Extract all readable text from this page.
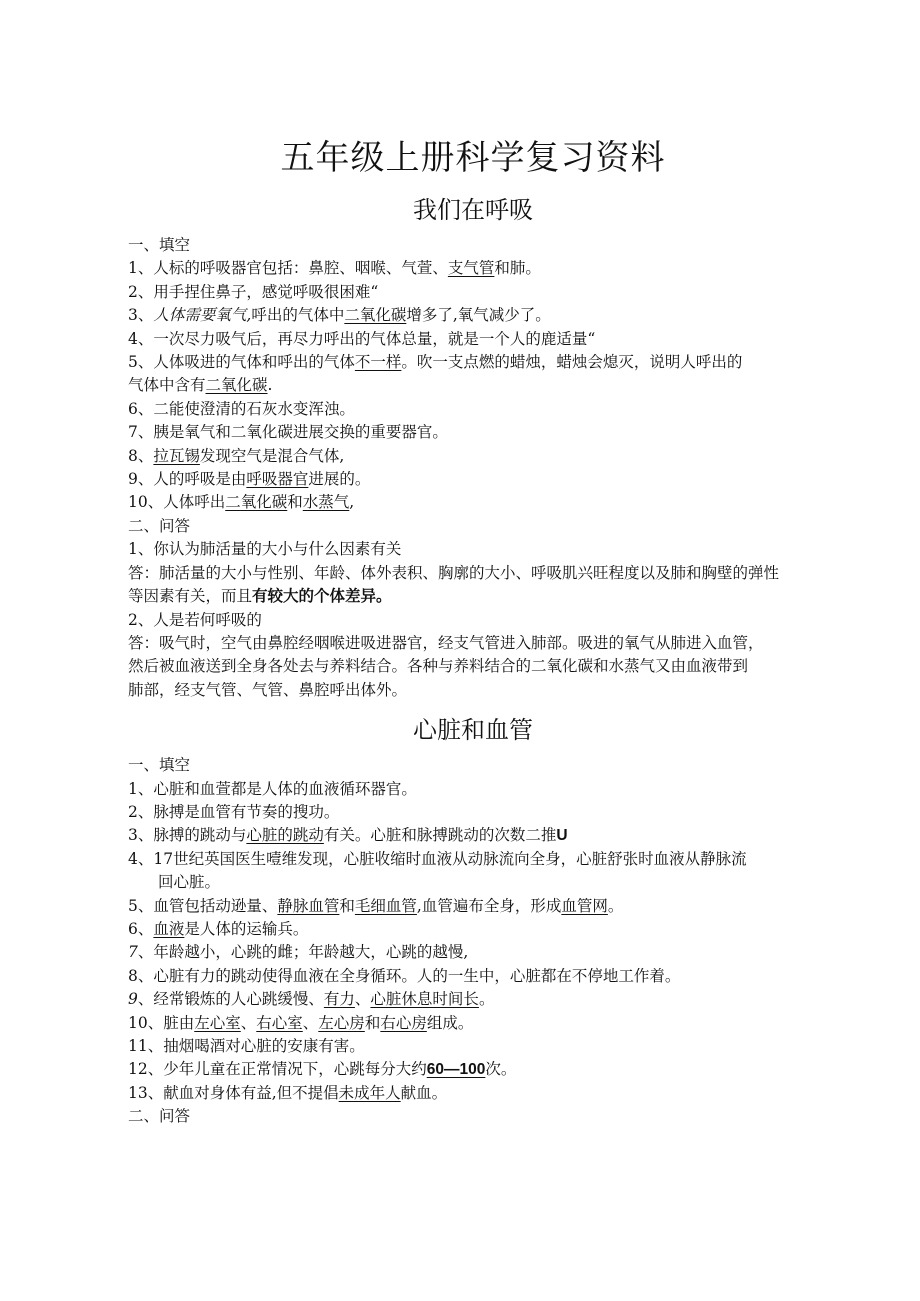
五年级上册科学复习资料
我们在呼吸
一、填空
1、人标的呼吸器官包括：鼻腔、咽喉、气萱、支气管和肺。
2、用手捏住鼻子，感觉呼吸很困难“
3、人体需要氧气,呼出的气体中二氧化碳增多了,氧气减少了。
4、一次尽力吸气后，再尽力呼出的气体总量，就是一个人的鹿适量“
5、人体吸进的气体和呼出的气体不一样。吹一支点燃的蜡烛，蜡烛会熄灭，说明人呼出的
气体中含有二氧化碳.
6、二能使澄清的石灰水变浑浊。
7、胰是氧气和二氧化碳进展交换的重要器官。
8、拉瓦锡发现空气是混合气体,
9、人的呼吸是由呼吸器官进展的。
10、人体呼出二氧化碳和水蒸气,
二、问答
1、你认为肺活量的大小与什么因素有关
答：肺活量的大小与性别、年龄、体外表积、胸廓的大小、呼吸肌兴旺程度以及肺和胸壁的弹性
等因素有关，而且有较大的个体差异。
2、人是若何呼吸的
答：吸气时，空气由鼻腔经咽喉进吸进器官，经支气管进入肺部。吸进的氧气从肺进入血管，
然后被血液送到全身各处去与养料结合。各种与养料结合的二氧化碳和水蒸气又由血液带到
肺部，经支气管、气管、鼻腔呼出体外。
心脏和血管
一、填空
1、心脏和血萱都是人体的血液循环器官。
2、脉搏是血管有节奏的搜功。
3、脉搏的跳动与心脏的跳动有关。心脏和脉搏跳动的次数二推U
4、17世纪英国医生噎维发现，心脏收缩时血液从动脉流向全身，心脏舒张时血液从静脉流
回心脏。
5、血管包括动逊量、静脉血管和毛细血管,血管遍布全身，形成血管网。
6、血液是人体的运输兵。
7、年龄越小，心跳的雌；年龄越大，心跳的越慢,
8、心脏有力的跳动使得血液在全身循环。人的一生中，心脏都在不停地工作着。
9、经常锻炼的人心跳缓慢、有力、心脏休息时间长。
10、脏由左心室、右心室、左心房和右心房组成。
11、抽烟喝酒对心脏的安康有害。
12、少年儿童在正常情况下，心跳每分大约60—100次。
13、献血对身体有益,但不提倡未成年人献血。
二、问答
